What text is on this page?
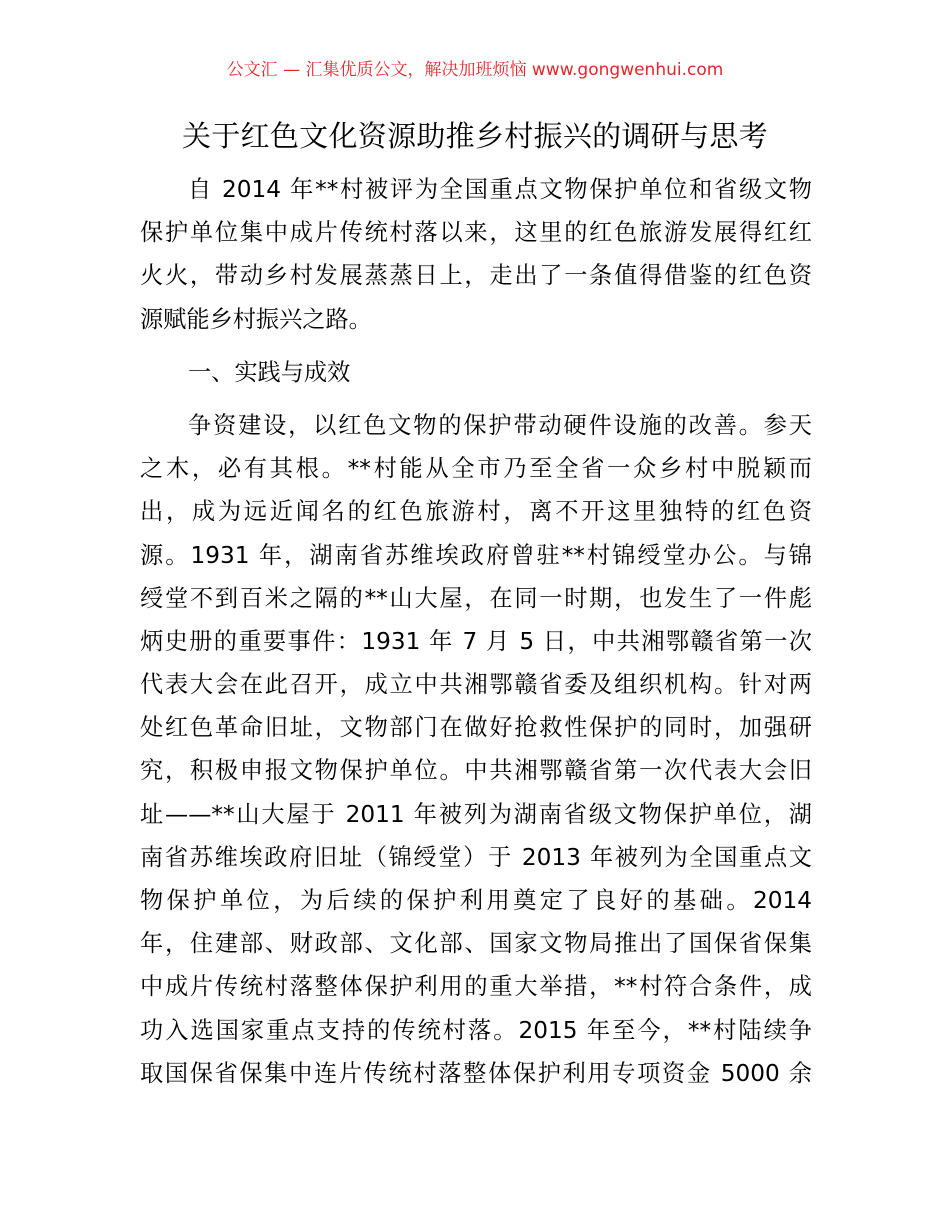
公文汇 — 汇集优质公文，解决加班烦恼 www.gongwenhui.com
关于红色文化资源助推乡村振兴的调研与思考
自 2014 年**村被评为全国重点文物保护单位和省级文物
保护单位集中成片传统村落以来，这里的红色旅游发展得红红
火火，带动乡村发展蒸蒸日上，走出了一条值得借鉴的红色资
源赋能乡村振兴之路。
一、实践与成效
争资建设，以红色文物的保护带动硬件设施的改善。参天
之木，必有其根。**村能从全市乃至全省一众乡村中脱颖而
出，成为远近闻名的红色旅游村，离不开这里独特的红色资
源。1931 年，湖南省苏维埃政府曾驻**村锦绶堂办公。与锦
绶堂不到百米之隔的**山大屋，在同一时期，也发生了一件彪
炳史册的重要事件：1931 年 7 月 5 日，中共湘鄂赣省第一次
代表大会在此召开，成立中共湘鄂赣省委及组织机构。针对两
处红色革命旧址，文物部门在做好抢救性保护的同时，加强研
究，积极申报文物保护单位。中共湘鄂赣省第一次代表大会旧
址——**山大屋于 2011 年被列为湖南省级文物保护单位，湖
南省苏维埃政府旧址（锦绶堂）于 2013 年被列为全国重点文
物保护单位，为后续的保护利用奠定了良好的基础。2014
年，住建部、财政部、文化部、国家文物局推出了国保省保集
中成片传统村落整体保护利用的重大举措，**村符合条件，成
功入选国家重点支持的传统村落。2015 年至今，**村陆续争
取国保省保集中连片传统村落整体保护利用专项资金 5000 余
